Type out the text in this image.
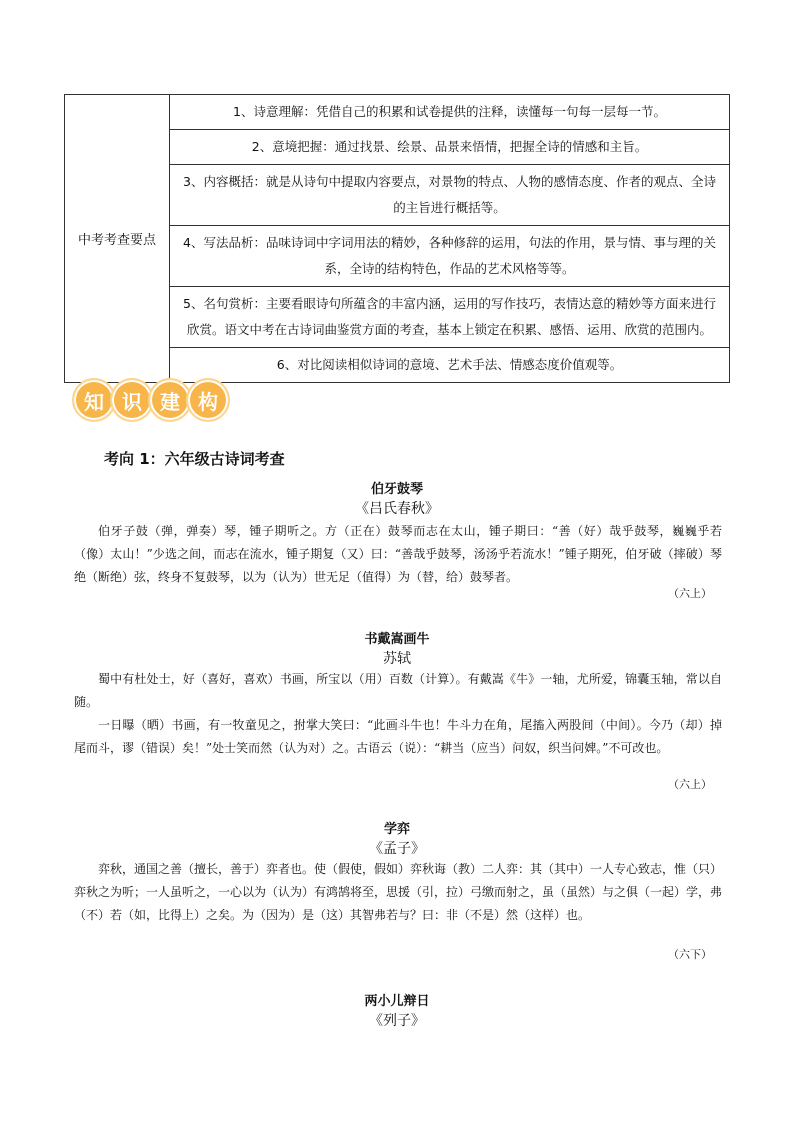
中考考查要点	1、诗意理解：凭借自己的积累和试卷提供的注释，读懂每一句每一层每一节。
2、意境把握：通过找景、绘景、品景来悟情，把握全诗的情感和主旨。
3、内容概括：就是从诗句中提取内容要点，对景物的特点、人物的感情态度、作者的观点、全诗的主旨进行概括等。
4、写法品析：品味诗词中字词用法的精妙，各种修辞的运用，句法的作用，景与情、事与理的关系，全诗的结构特色，作品的艺术风格等等。
5、名句赏析：主要看眼诗句所蕴含的丰富内涵，运用的写作技巧，表情达意的精妙等方面来进行欣赏。语文中考在古诗词曲鉴赏方面的考查，基本上锁定在积累、感悟、运用、欣赏的范围内。
6、对比阅读相似诗词的意境、艺术手法、情感态度价值观等。
知 识 建 构
考向 1：六年级古诗词考查
伯牙鼓琴
《吕氏春秋》

伯牙子鼓（弹，弹奏）琴，锺子期听之。方（正在）鼓琴而志在太山，锺子期曰：“善（好）哉乎鼓琴，巍巍乎若（像）太山！”少选之间，而志在流水，锺子期复（又）曰：“善哉乎鼓琴，汤汤乎若流水！”锺子期死，伯牙破（摔破）琴绝（断绝）弦，终身不复鼓琴，以为（认为）世无足（值得）为（替，给）鼓琴者。

（六上）
书戴嵩画牛
苏轼

蜀中有杜处士，好（喜好，喜欢）书画，所宝以（用）百数（计算）。有戴嵩《牛》一轴，尤所爱，锦囊玉轴，常以自随。

一日曝（晒）书画，有一牧童见之，拊掌大笑曰：“此画斗牛也！牛斗力在角，尾搐入两股间（中间）。今乃（却）掉尾而斗，谬（错误）矣！”处士笑而然（认为对）之。古语云（说）：“耕当（应当）问奴，织当问婢。”不可改也。

（六上）
学弈
《孟子》

弈秋，通国之善（擅长，善于）弈者也。使（假使，假如）弈秋诲（教）二人弈：其（其中）一人专心致志，惟（只）弈秋之为听；一人虽听之，一心以为（认为）有鸿鹄将至，思援（引，拉）弓缴而射之，虽（虽然）与之俱（一起）学，弗（不）若（如，比得上）之矣。为（因为）是（这）其智弗若与？曰：非（不是）然（这样）也。

（六下）
两小儿辩日
《列子》
